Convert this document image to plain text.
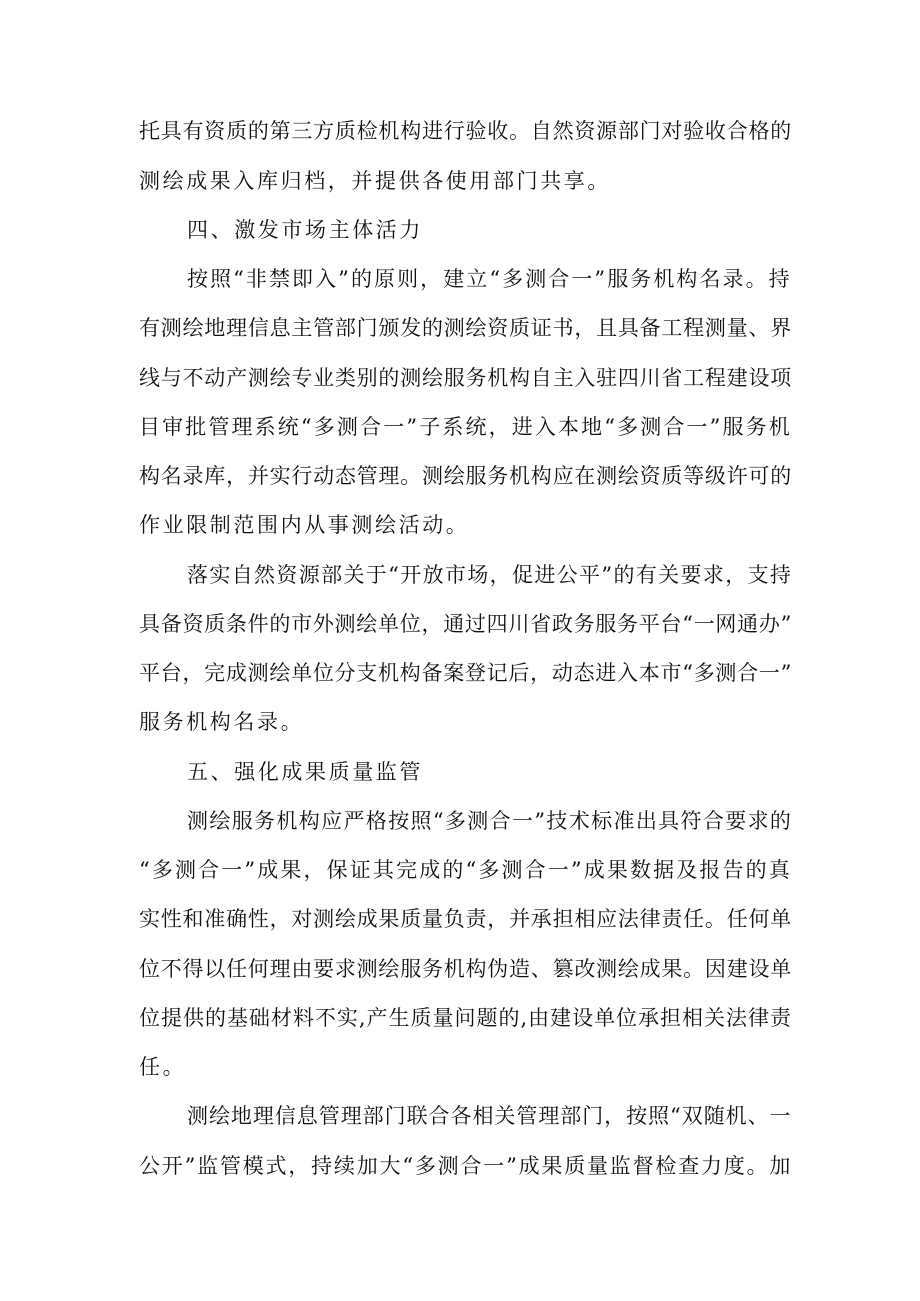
托具有资质的第三方质检机构进行验收。自然资源部门对验收合格的
测绘成果入库归档，并提供各使用部门共享。
四、激发市场主体活力
按照“非禁即入”的原则，建立“多测合一”服务机构名录。持
有测绘地理信息主管部门颁发的测绘资质证书，且具备工程测量、界
线与不动产测绘专业类别的测绘服务机构自主入驻四川省工程建设项
目审批管理系统“多测合一”子系统，进入本地“多测合一”服务机
构名录库，并实行动态管理。测绘服务机构应在测绘资质等级许可的
作业限制范围内从事测绘活动。
落实自然资源部关于“开放市场，促进公平”的有关要求，支持
具备资质条件的市外测绘单位，通过四川省政务服务平台“一网通办”
平台，完成测绘单位分支机构备案登记后，动态进入本市“多测合一”
服务机构名录。
五、强化成果质量监管
测绘服务机构应严格按照“多测合一”技术标准出具符合要求的
“多测合一”成果，保证其完成的“多测合一”成果数据及报告的真
实性和准确性，对测绘成果质量负责，并承担相应法律责任。任何单
位不得以任何理由要求测绘服务机构伪造、篡改测绘成果。因建设单
位提供的基础材料不实,产生质量问题的,由建设单位承担相关法律责
任。
测绘地理信息管理部门联合各相关管理部门，按照“双随机、一
公开”监管模式，持续加大“多测合一”成果质量监督检查力度。加
